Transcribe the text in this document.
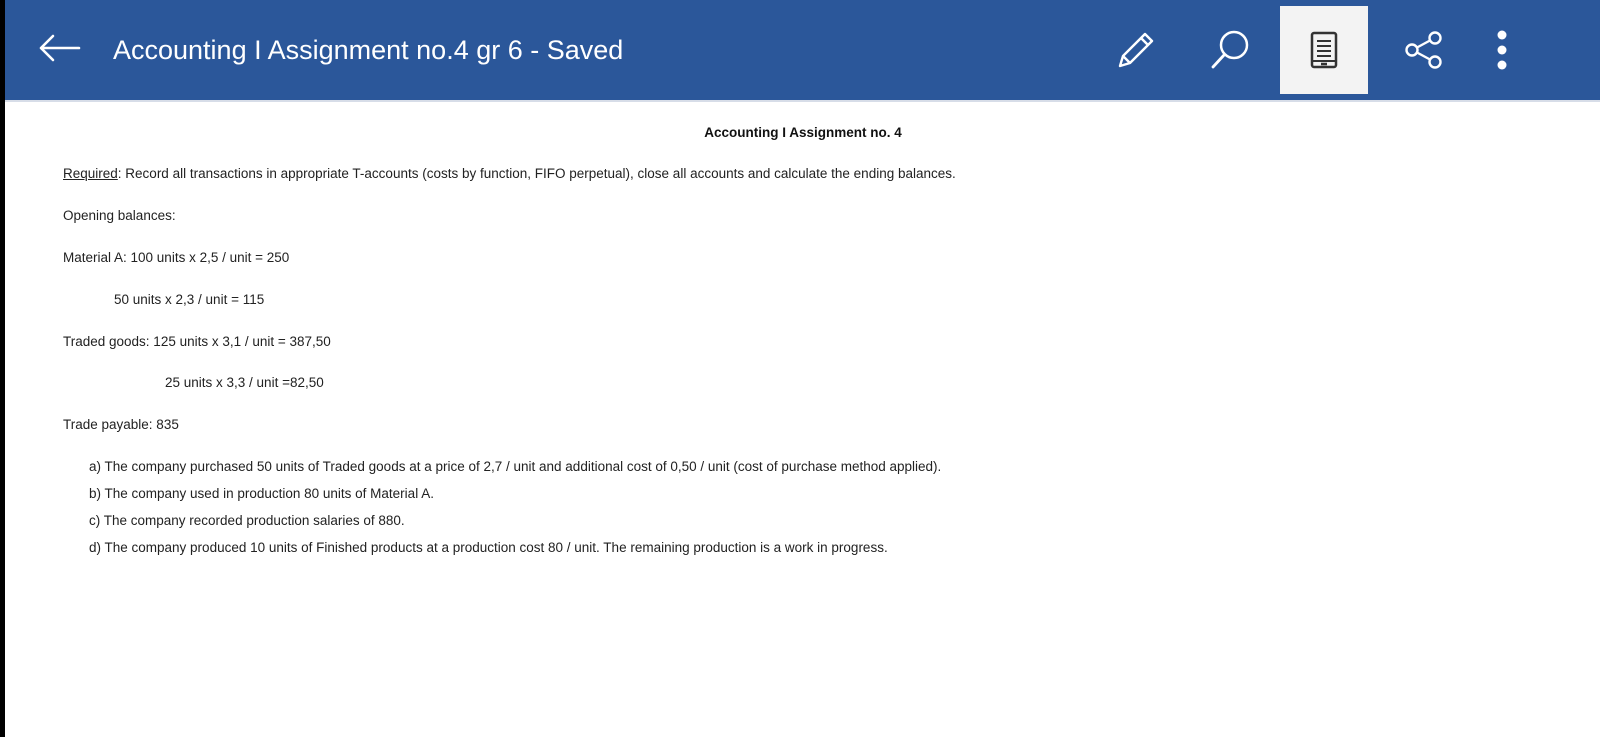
Accounting I Assignment no.4 gr 6 - Saved
Accounting I Assignment no. 4
Required: Record all transactions in appropriate T-accounts (costs by function, FIFO perpetual), close all accounts and calculate the ending balances.
Opening balances:
Material A: 100 units x 2,5 / unit = 250
50 units x 2,3 / unit = 115
Traded goods: 125 units x 3,1 / unit = 387,50
25 units x 3,3 / unit =82,50
Trade payable: 835
a) The company purchased 50 units of Traded goods at a price of 2,7 / unit and additional cost of 0,50 / unit (cost of purchase method applied).
b) The company used in production 80 units of Material A.
c) The company recorded production salaries of 880.
d) The company produced 10 units of Finished products at a production cost 80 / unit. The remaining production is a work in progress.
